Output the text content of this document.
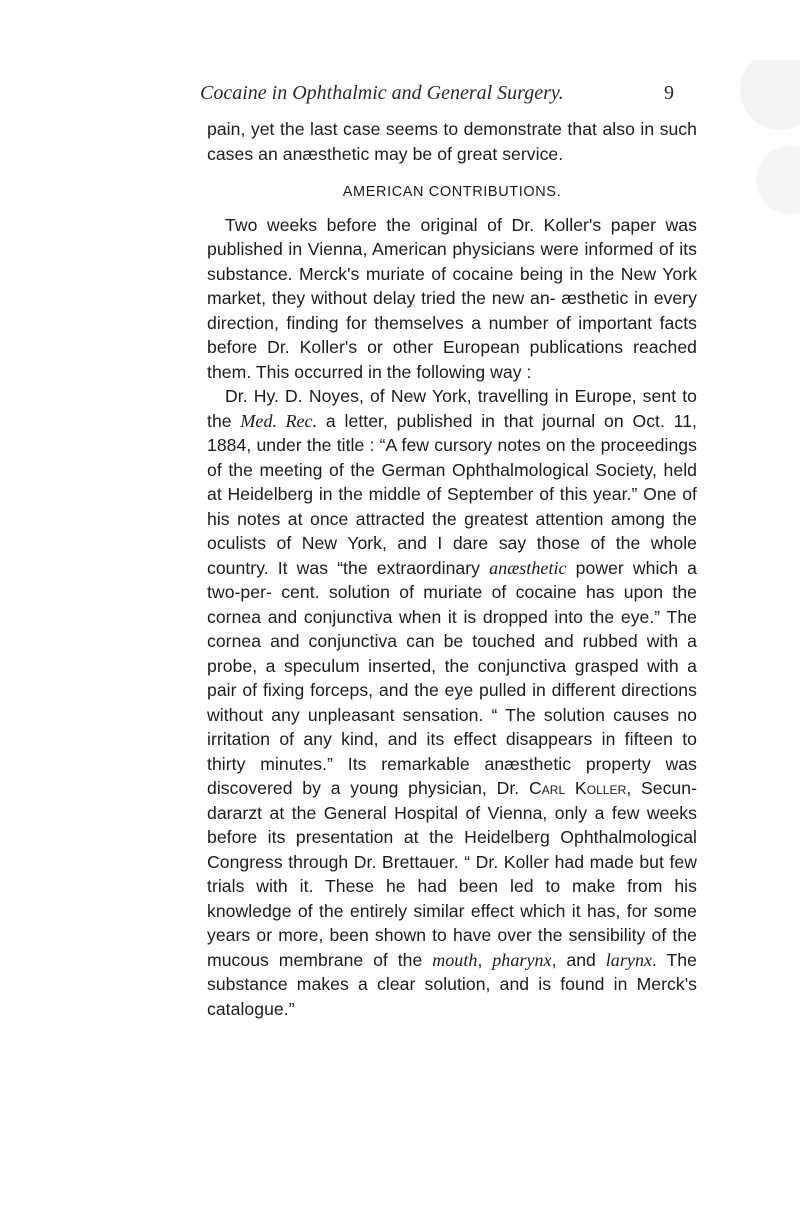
Cocaine in Ophthalmic and General Surgery.	9

pain, yet the last case seems to demonstrate that also in such cases an anæsthetic may be of great service.

AMERICAN CONTRIBUTIONS.

Two weeks before the original of Dr. Koller's paper was published in Vienna, American physicians were informed of its substance. Merck's muriate of cocaine being in the New York market, they without delay tried the new an- æsthetic in every direction, finding for themselves a number of important facts before Dr. Koller's or other European publications reached them. This occurred in the following way :

Dr. Hy. D. Noyes, of New York, travelling in Europe, sent to the Med. Rec. a letter, published in that journal on Oct. 11, 1884, under the title : “A few cursory notes on the proceedings of the meeting of the German Ophthalmological Society, held at Heidelberg in the middle of September of this year.” One of his notes at once attracted the greatest attention among the oculists of New York, and I dare say those of the whole country. It was “the extraordinary anæsthetic power which a two-per- cent. solution of muriate of cocaine has upon the cornea and conjunctiva when it is dropped into the eye.” The cornea and conjunctiva can be touched and rubbed with a probe, a speculum inserted, the conjunctiva grasped with a pair of fixing forceps, and the eye pulled in different directions without any unpleasant sensation. “ The solution causes no irritation of any kind, and its effect disappears in fifteen to thirty minutes.” Its remarkable anæsthetic property was discovered by a young physician, Dr. Carl Koller, Secun- dararzt at the General Hospital of Vienna, only a few weeks before its presentation at the Heidelberg Ophthalmological Congress through Dr. Brettauer. “ Dr. Koller had made but few trials with it. These he had been led to make from his knowledge of the entirely similar effect which it has, for some years or more, been shown to have over the sensibility of the mucous membrane of the mouth, pharynx, and larynx. The substance makes a clear solution, and is found in Merck's catalogue.”
